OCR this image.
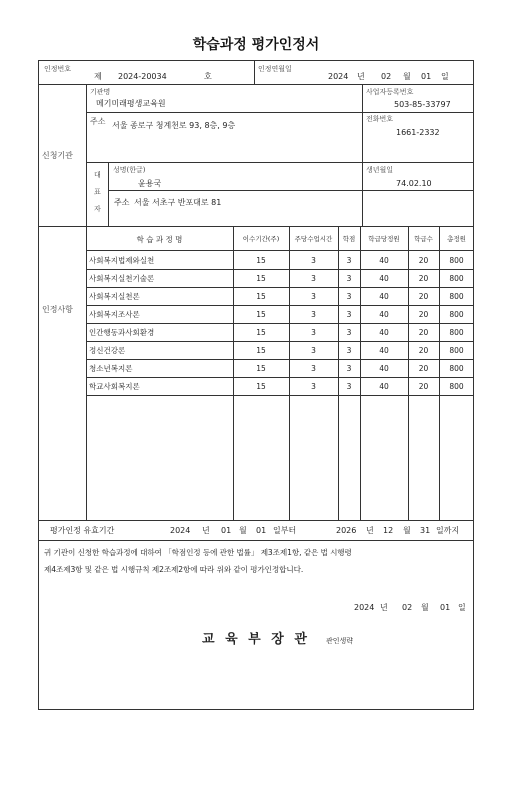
학습과정 평가인정서
인정번호
제 2024-20034	호
인정연월일
2024 년 02 월 01 일
신청기관
기관명
메기미래평생교육원
사업자등록번호
503-85-33797
주소 서울 종로구 청계천로 93, 8층, 9층
전화번호
1661-2332
대
표
자
성명(한글)
윤용국
생년월일
74.02.10
주소 서울 서초구 반포대로 81
인정사항
학 습 과 정 명	이수기간(주)	주당수업시간	학점	학급당정원	학급수	총정원
사회복지법제와실천	15	3	3	40	20	800
사회복지실천기술론	15	3	3	40	20	800
사회복지실천론	15	3	3	40	20	800
사회복지조사론	15	3	3	40	20	800
인간행동과사회환경	15	3	3	40	20	800
정신건강론	15	3	3	40	20	800
청소년복지론	15	3	3	40	20	800
학교사회복지론	15	3	3	40	20	800
평가인정 유효기간	2024 년 01 월 01 일부터	2026 년 12 월 31 일까지
귀 기관이 신청한 학습과정에 대하여 「학점인정 등에 관한 법률」 제3조제1항, 같은 법 시행령
제4조제3항 및 같은 법 시행규칙 제2조제2항에 따라 위와 같이 평가인정합니다.
2024 년 02 월 01 일
교 육 부 장 관 관인생략
